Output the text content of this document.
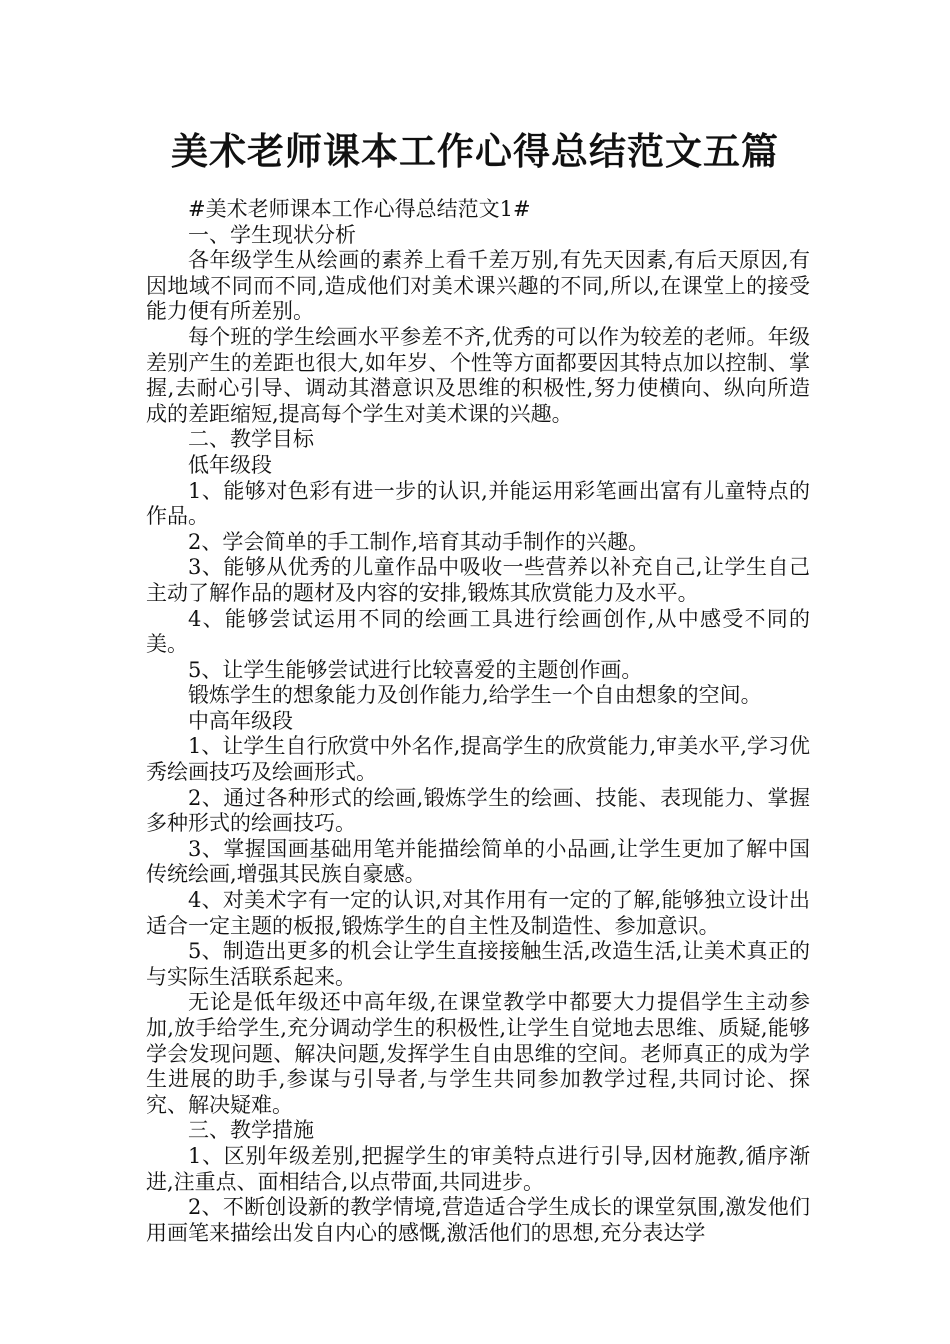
美术老师课本工作心得总结范文五篇

#美术老师课本工作心得总结范文1#

一、学生现状分析

各年级学生从绘画的素养上看千差万别,有先天因素,有后天原因,有因地域不同而不同,造成他们对美术课兴趣的不同,所以,在课堂上的接受能力便有所差别。

每个班的学生绘画水平参差不齐,优秀的可以作为较差的老师。年级差别产生的差距也很大,如年岁、个性等方面都要因其特点加以控制、掌握,去耐心引导、调动其潜意识及思维的积极性,努力使横向、纵向所造成的差距缩短,提高每个学生对美术课的兴趣。

二、教学目标

低年级段

1、能够对色彩有进一步的认识,并能运用彩笔画出富有儿童特点的作品。

2、学会简单的手工制作,培育其动手制作的兴趣。

3、能够从优秀的儿童作品中吸收一些营养以补充自己,让学生自己主动了解作品的题材及内容的安排,锻炼其欣赏能力及水平。

4、能够尝试运用不同的绘画工具进行绘画创作,从中感受不同的美。

5、让学生能够尝试进行比较喜爱的主题创作画。

锻炼学生的想象能力及创作能力,给学生一个自由想象的空间。

中高年级段

1、让学生自行欣赏中外名作,提高学生的欣赏能力,审美水平,学习优秀绘画技巧及绘画形式。

2、通过各种形式的绘画,锻炼学生的绘画、技能、表现能力、掌握多种形式的绘画技巧。

3、掌握国画基础用笔并能描绘简单的小品画,让学生更加了解中国传统绘画,增强其民族自豪感。

4、对美术字有一定的认识,对其作用有一定的了解,能够独立设计出适合一定主题的板报,锻炼学生的自主性及制造性、参加意识。

5、制造出更多的机会让学生直接接触生活,改造生活,让美术真正的与实际生活联系起来。

无论是低年级还中高年级,在课堂教学中都要大力提倡学生主动参加,放手给学生,充分调动学生的积极性,让学生自觉地去思维、质疑,能够学会发现问题、解决问题,发挥学生自由思维的空间。老师真正的成为学生进展的助手,参谋与引导者,与学生共同参加教学过程,共同讨论、探究、解决疑难。

三、教学措施

1、区别年级差别,把握学生的审美特点进行引导,因材施教,循序渐进,注重点、面相结合,以点带面,共同进步。

2、不断创设新的教学情境,营造适合学生成长的课堂氛围,激发他们用画笔来描绘出发自内心的感慨,激活他们的思想,充分表达学
